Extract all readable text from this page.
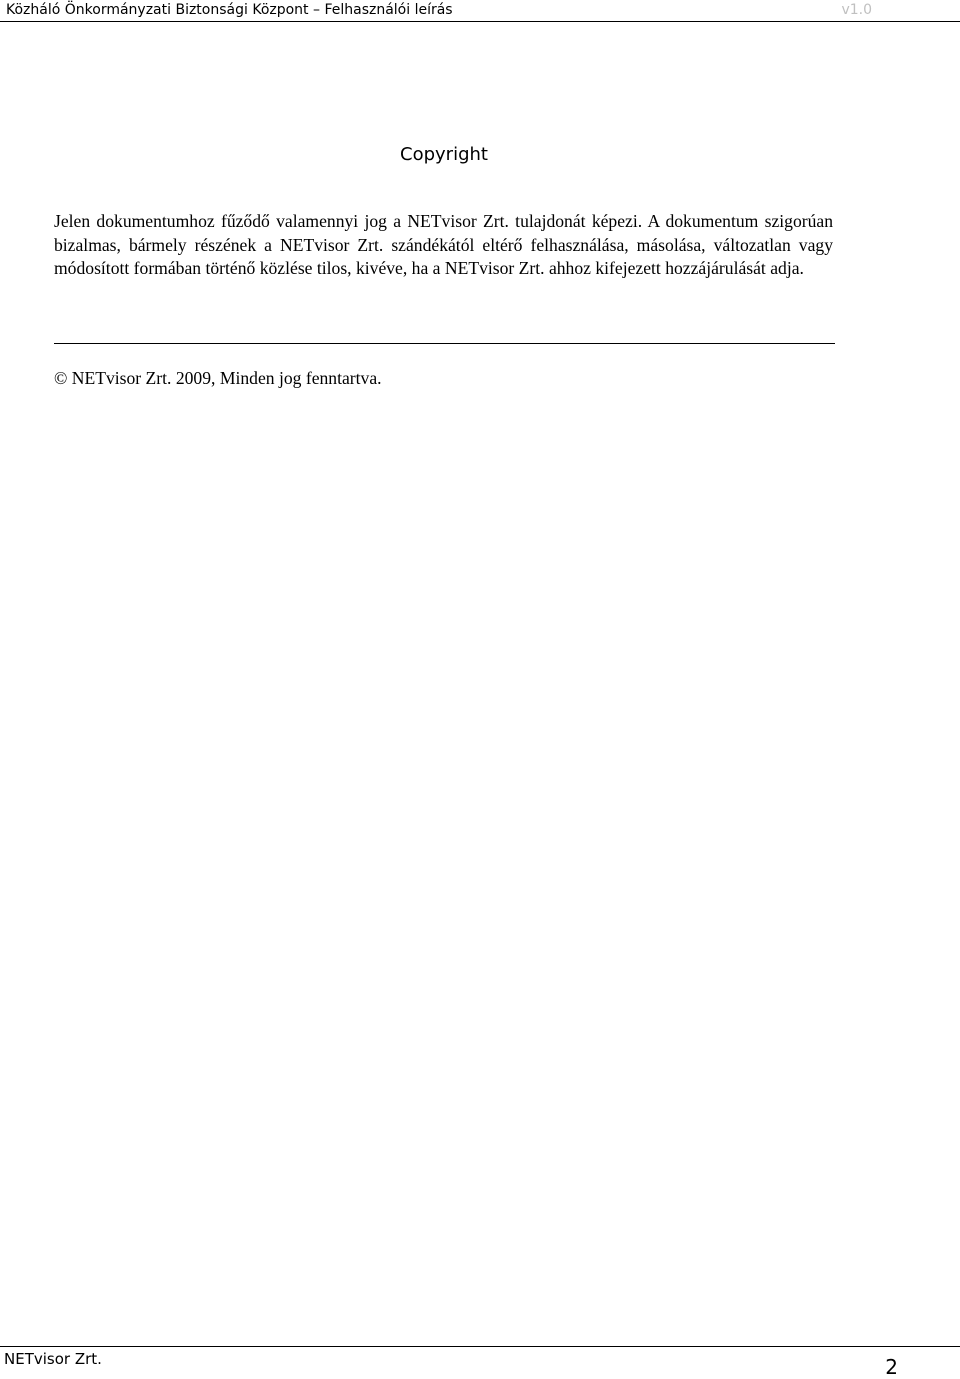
Közháló Önkormányzati Biztonsági Központ – Felhasználói leírás	v1.0
Copyright

Jelen dokumentumhoz fűződő valamennyi jog a NETvisor Zrt. tulajdonát képezi. A dokumentum szigorúan bizalmas, bármely részének a NETvisor Zrt. szándékától eltérő felhasználása, másolása, változatlan vagy módosított formában történő közlése tilos, kivéve, ha a NETvisor Zrt. ahhoz kifejezett hozzájárulását adja.

© NETvisor Zrt. 2009, Minden jog fenntartva.
NETvisor Zrt.	2
